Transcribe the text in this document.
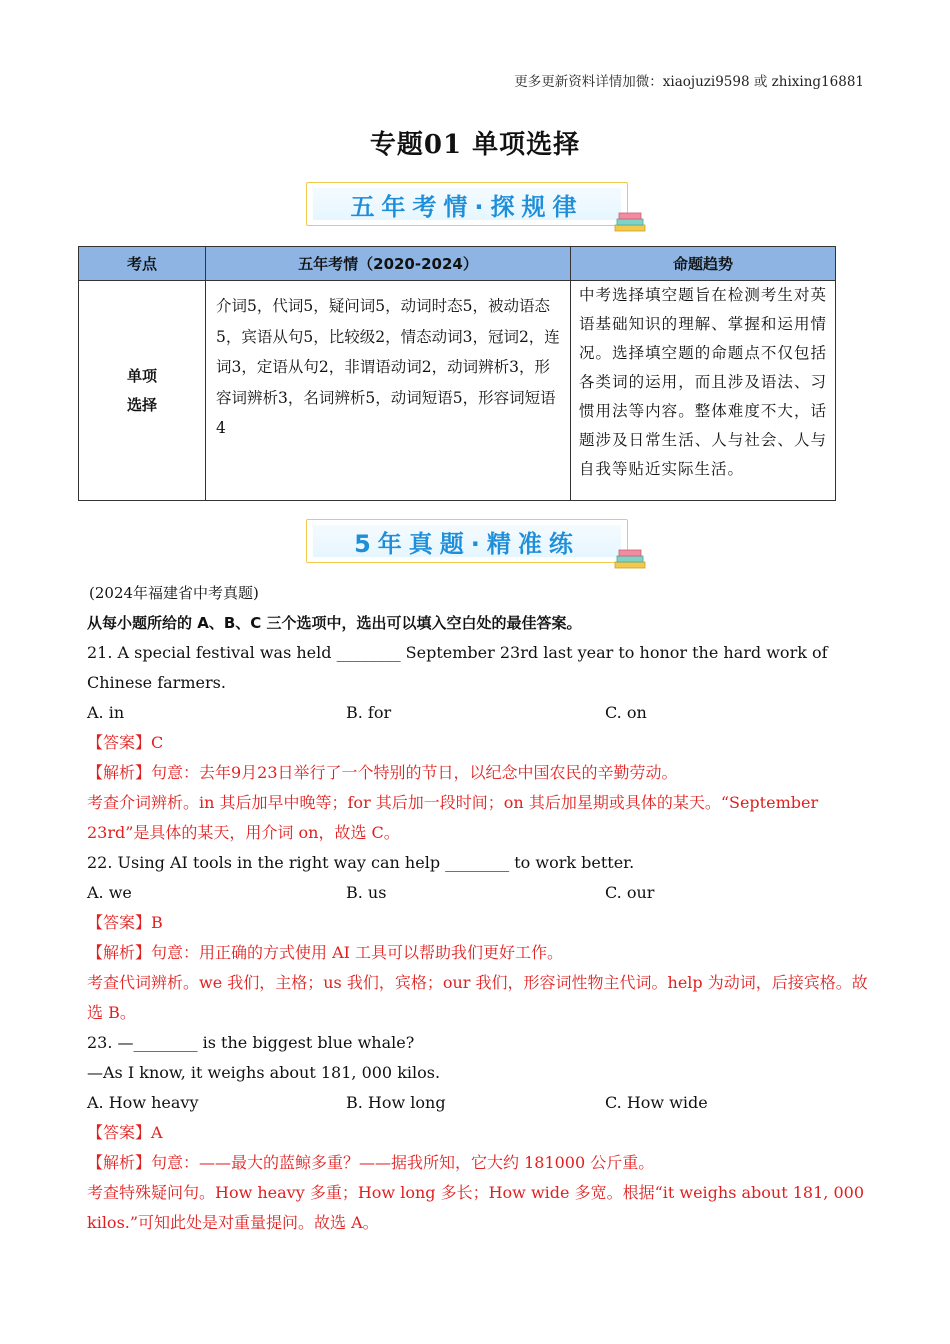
更多更新资料详情加微：xiaojuzi9598 或 zhixing16881
专题01 单项选择
五年考情·探规律
考点	五年考情（2020-2024）	命题趋势

单项
选择	介词5，代词5，疑问词5，动词时态5，被动语态5，宾语从句5，比较级2，情态动词3，冠词2，连词3，定语从句2，非谓语动词2，动词辨析3，形容词辨析3，名词辨析5，动词短语5，形容词短语4	中考选择填空题旨在检测考生对英语基础知识的理解、掌握和运用情况。选择填空题的命题点不仅包括各类词的运用，而且涉及语法、习惯用法等内容。整体难度不大，话题涉及日常生活、人与社会、人与自我等贴近实际生活。
5年真题·精准练

(2024年福建省中考真题)

从每小题所给的 A、B、C 三个选项中，选出可以填入空白处的最佳答案。

21. A special festival was held ________ September 23rd last year to honor the hard work of Chinese farmers.

A. in	B. for	C. on

【答案】C

【解析】句意：去年9月23日举行了一个特别的节日，以纪念中国农民的辛勤劳动。

考查介词辨析。in 其后加早中晚等；for 其后加一段时间；on 其后加星期或具体的某天。“September 23rd”是具体的某天，用介词 on，故选 C。

22. Using AI tools in the right way can help ________ to work better.

A. we	B. us	C. our

【答案】B

【解析】句意：用正确的方式使用 AI 工具可以帮助我们更好工作。

考查代词辨析。we 我们，主格；us 我们，宾格；our 我们，形容词性物主代词。help 为动词，后接宾格。故选 B。

23. —________ is the biggest blue whale?

—As I know, it weighs about 181, 000 kilos.

A. How heavy	B. How long	C. How wide

【答案】A

【解析】句意：——最大的蓝鲸多重？——据我所知，它大约 181000 公斤重。

考查特殊疑问句。How heavy 多重；How long 多长；How wide 多宽。根据“it weighs about 181, 000 kilos.”可知此处是对重量提问。故选 A。
